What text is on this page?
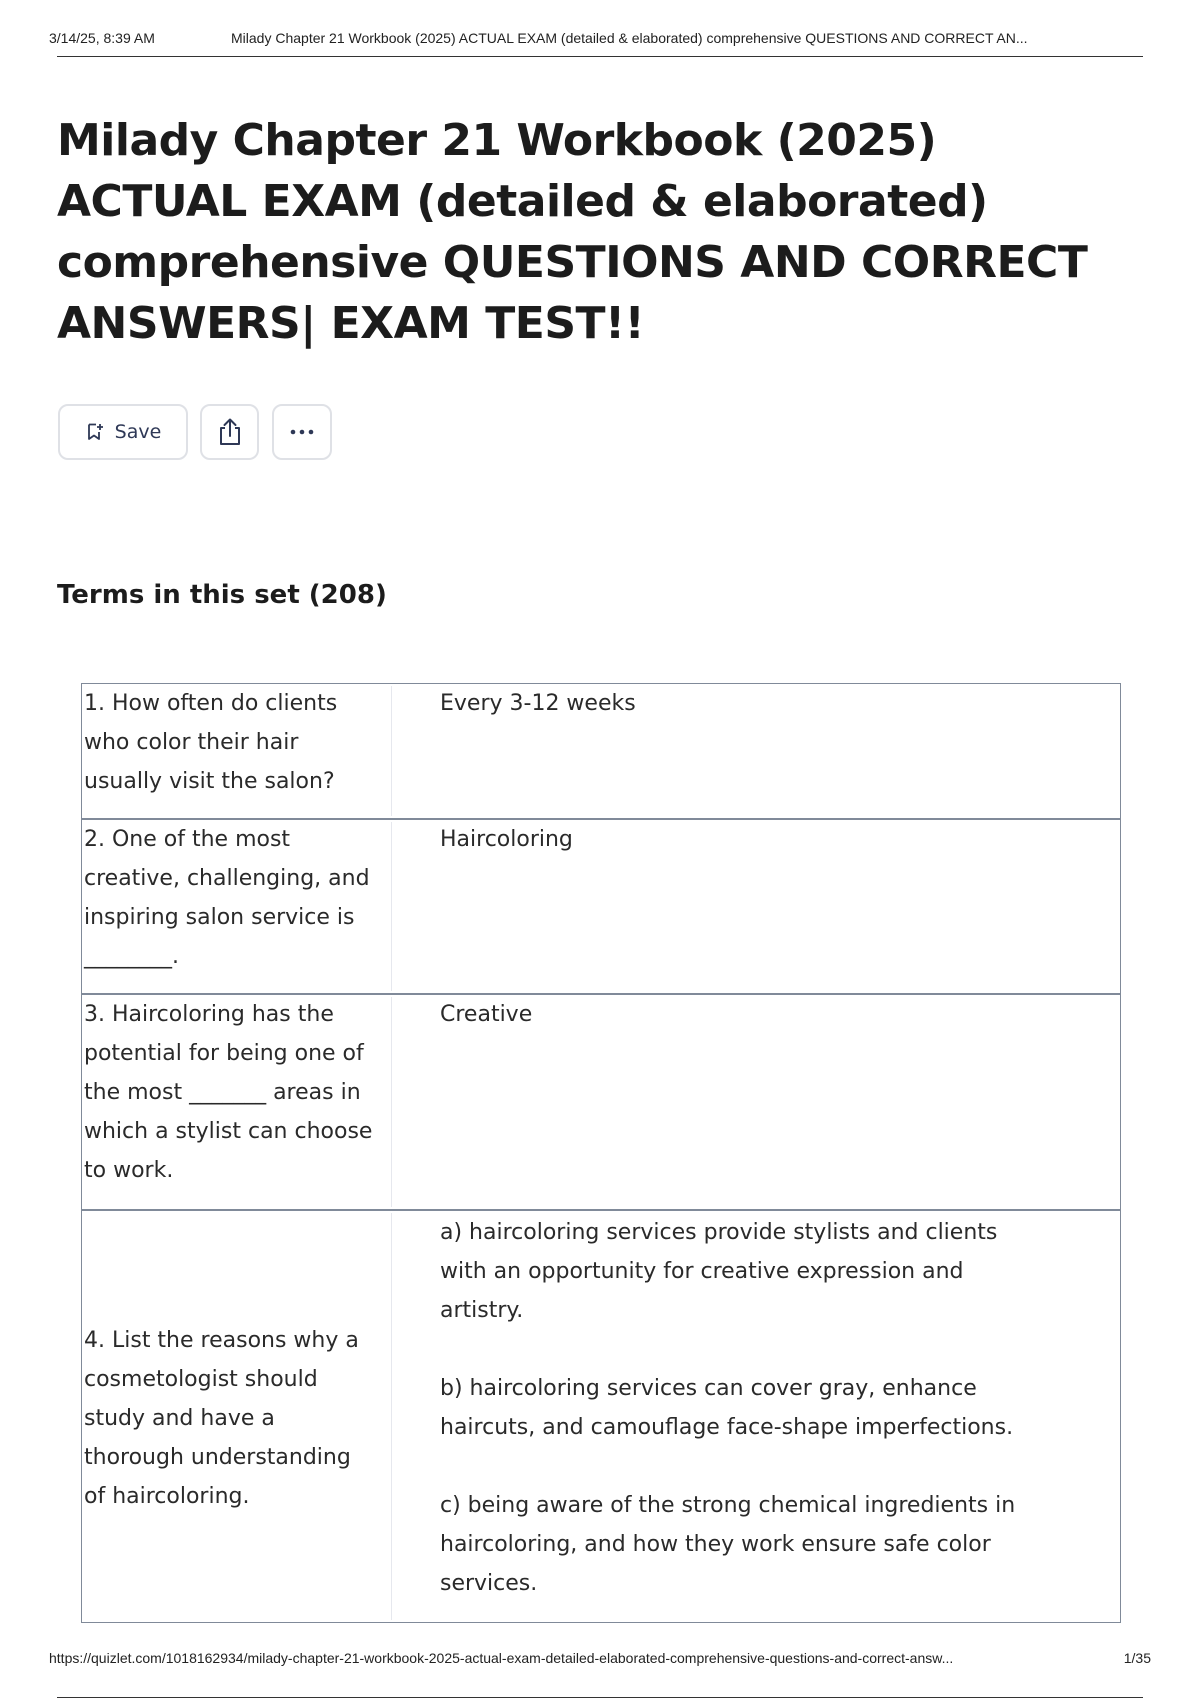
3/14/25, 8:39 AM	Milady Chapter 21 Workbook (2025) ACTUAL EXAM (detailed & elaborated) comprehensive QUESTIONS AND CORRECT AN...
Milady Chapter 21 Workbook (2025) ACTUAL EXAM (detailed & elaborated) comprehensive QUESTIONS AND CORRECT ANSWERS| EXAM TEST!!
Save
Terms in this set (208)
1. How often do clients who color their hair usually visit the salon?
Every 3-12 weeks
2. One of the most creative, challenging, and inspiring salon service is ________.
Haircoloring
3. Haircoloring has the potential for being one of the most _______ areas in which a stylist can choose to work.
Creative
4. List the reasons why a cosmetologist should study and have a thorough understanding of haircoloring.
a) haircoloring services provide stylists and clients with an opportunity for creative expression and artistry.

b) haircoloring services can cover gray, enhance haircuts, and camouflage face-shape imperfections.

c) being aware of the strong chemical ingredients in haircoloring, and how they work ensure safe color services.
https://quizlet.com/1018162934/milady-chapter-21-workbook-2025-actual-exam-detailed-elaborated-comprehensive-questions-and-correct-answ...	1/35
